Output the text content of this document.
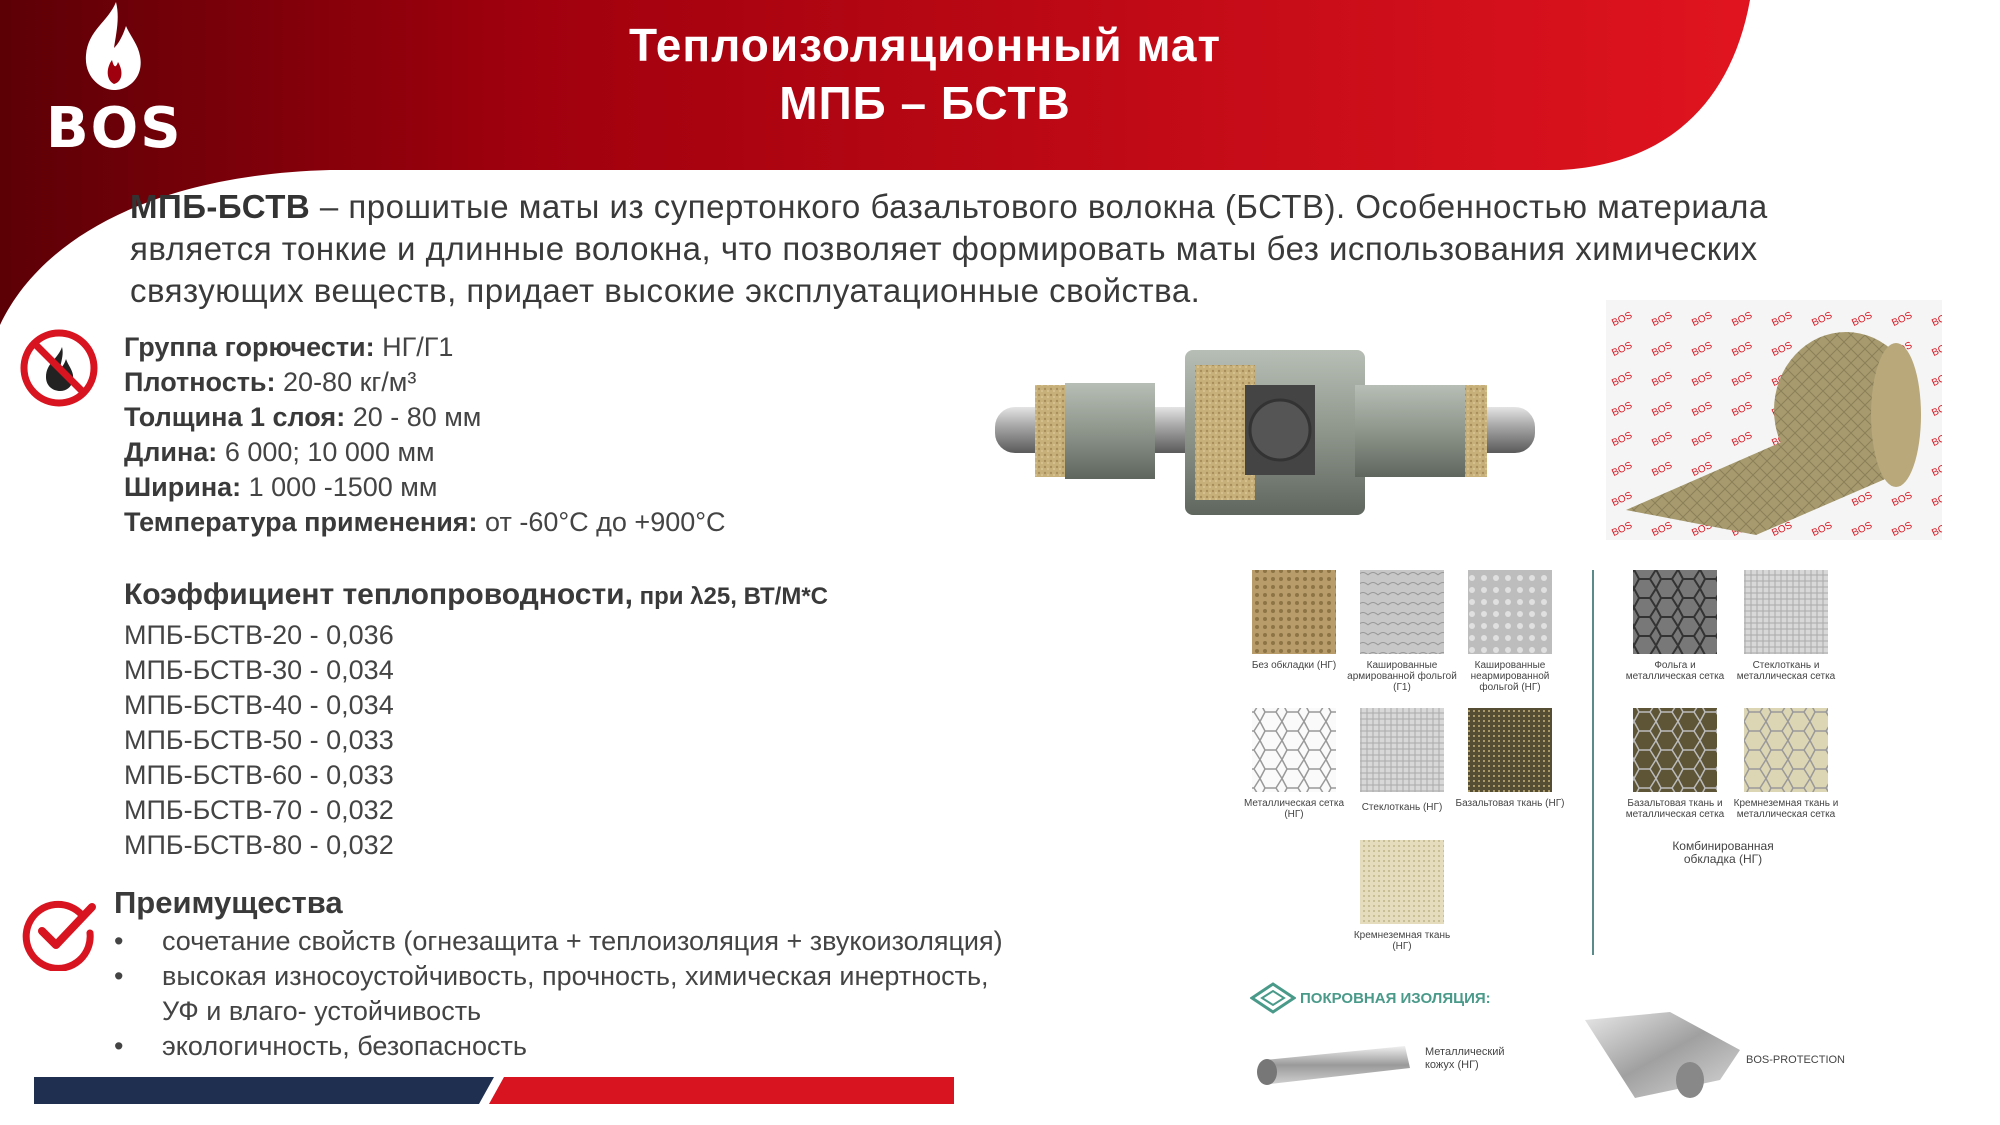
BOS
Теплоизоляционный мат
МПБ – БСТВ
МПБ-БСТВ – прошитые маты из супертонкого базальтового волокна (БСТВ). Особенностью материала
является тонкие и длинные волокна, что позволяет формировать маты без использования химических
связующих веществ, придает высокие эксплуатационные свойства.
Группа горючести: НГ/Г1
Плотность: 20-80 кг/м³
Толщина 1 слоя: 20 - 80 мм
Длина: 6 000; 10 000 мм
Ширина: 1 000 -1500 мм
Температура применения: от -60°С до +900°С
Коэффициент теплопроводности, при λ25, ВТ/М*С
МПБ-БСТВ-20 - 0,036
МПБ-БСТВ-30 - 0,034
МПБ-БСТВ-40 - 0,034
МПБ-БСТВ-50 - 0,033
МПБ-БСТВ-60 - 0,033
МПБ-БСТВ-70 - 0,032
МПБ-БСТВ-80 - 0,032
Преимущества
• сочетание свойств (огнезащита + теплоизоляция + звукоизоляция)
• высокая износоустойчивость, прочность, химическая инертность,
УФ и влаго- устойчивость
• экологичность, безопасность
Без обкладки (НГ)	Кашированные армированной фольгой (Г1)
Кашированные неармированной фольгой (НГ)
Металлическая сетка (НГ)
Стеклоткань (НГ)	Базальтовая ткань (НГ)
Кремнеземная ткань (НГ)
Фольга и металлическая сетка
Стеклоткань и металлическая сетка
Базальтовая ткань и металлическая сетка
Кремнеземная ткань и металлическая сетка
Комбинированная обкладка (НГ)
ПОКРОВНАЯ ИЗОЛЯЦИЯ:
Металлический кожух (НГ)	BOS-PROTECTION
